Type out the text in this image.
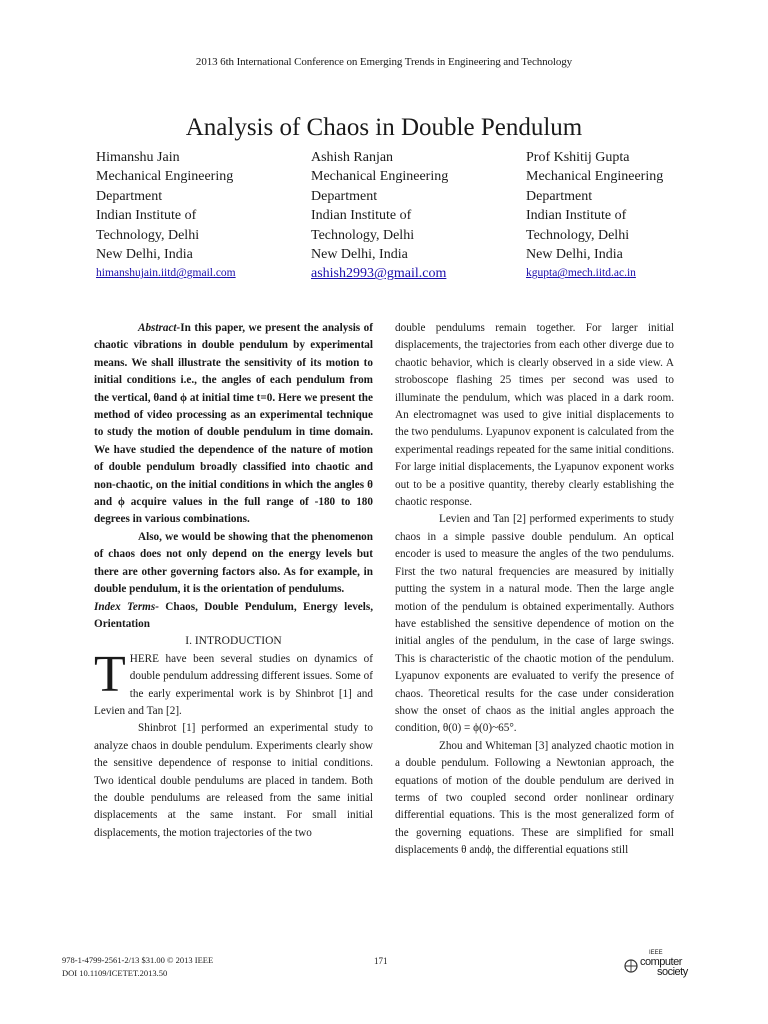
2013 6th International Conference on Emerging Trends in Engineering and Technology
Analysis of Chaos in Double Pendulum
Himanshu Jain
Mechanical Engineering
Department
Indian Institute of
Technology, Delhi
New Delhi, India
himanshujain.iitd@gmail.com
Ashish Ranjan
Mechanical Engineering
Department
Indian Institute of
Technology, Delhi
New Delhi, India
ashish2993@gmail.com
Prof Kshitij Gupta
Mechanical Engineering
Department
Indian Institute of
Technology, Delhi
New Delhi, India
kgupta@mech.iitd.ac.in

Abstract-In this paper, we present the analysis of chaotic vibrations in double pendulum by experimental means. We shall illustrate the sensitivity of its motion to initial conditions i.e., the angles of each pendulum from the vertical, θand ϕ at initial time t=0. Here we present the method of video processing as an experimental technique to study the motion of double pendulum in time domain. We have studied the dependence of the nature of motion of double pendulum broadly classified into chaotic and non-chaotic, on the initial conditions in which the angles θ and ϕ acquire values in the full range of -180 to 180 degrees in various combinations.

Also, we would be showing that the phenomenon of chaos does not only depend on the energy levels but there are other governing factors also. As for example, in double pendulum, it is the orientation of pendulums.

Index Terms- Chaos, Double Pendulum, Energy levels, Orientation

I. INTRODUCTION

THERE have been several studies on dynamics of double pendulum addressing different issues. Some of the early experimental work is by Shinbrot [1] and Levien and Tan [2].

Shinbrot [1] performed an experimental study to analyze chaos in double pendulum. Experiments clearly show the sensitive dependence of response to initial conditions. Two identical double pendulums are placed in tandem. Both the double pendulums are released from the same initial displacements at the same instant. For small initial displacements, the motion trajectories of the two

double pendulums remain together. For larger initial displacements, the trajectories from each other diverge due to chaotic behavior, which is clearly observed in a side view. A stroboscope flashing 25 times per second was used to illuminate the pendulum, which was placed in a dark room. An electromagnet was used to give initial displacements to the two pendulums. Lyapunov exponent is calculated from the experimental readings repeated for the same initial conditions. For large initial displacements, the Lyapunov exponent works out to be a positive quantity, thereby clearly establishing the chaotic response.

Levien and Tan [2] performed experiments to study chaos in a simple passive double pendulum. An optical encoder is used to measure the angles of the two pendulums. First the two natural frequencies are measured by initially putting the system in a natural mode. Then the large angle motion of the pendulum is obtained experimentally. Authors have established the sensitive dependence of motion on the initial angles of the pendulum, in the case of large swings. This is characteristic of the chaotic motion of the pendulum. Lyapunov exponents are evaluated to verify the presence of chaos. Theoretical results for the case under consideration show the onset of chaos as the initial angles approach the condition, θ(0) = ϕ(0)~65°.

Zhou and Whiteman [3] analyzed chaotic motion in a double pendulum. Following a Newtonian approach, the equations of motion of the double pendulum are derived in terms of two coupled second order nonlinear ordinary differential equations. This is the most generalized form of the governing equations. These are simplified for small displacements θ andϕ, the differential equations still

978-1-4799-2561-2/13 $31.00 © 2013 IEEE
DOI 10.1109/ICETET.2013.50
171
IEEE
computer
society
